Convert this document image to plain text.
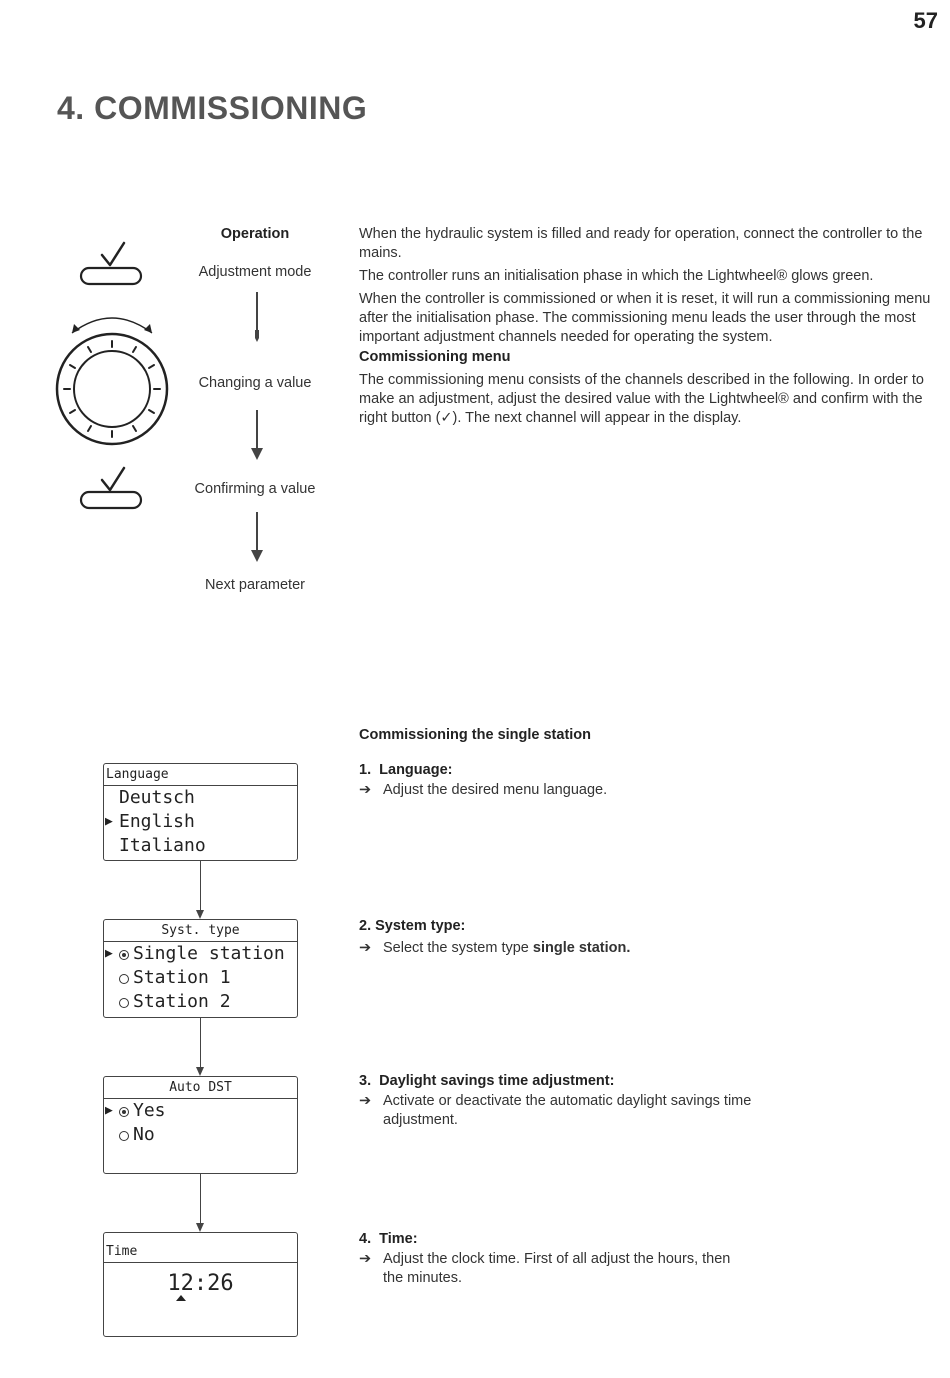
57
4. COMMISSIONING
Operation
Adjustment mode
Changing a value
Confirming a value
Next parameter

When the hydraulic system is filled and ready for operation, connect the controller to the mains.

The controller runs an initialisation phase in which the Lightwheel® glows green.

When the controller is commissioned or when it is reset, it will run a commissioning menu after the initialisation phase. The commissioning menu leads the user through the most important adjustment channels needed for operating the system.

Commissioning menu
The commissioning menu consists of the channels described in the following. In order to make an adjustment, adjust the desired value with the Lightwheel® and confirm with the right button (✓). The next channel will appear in the display.
Commissioning the single station
1. Language:
➔ Adjust the desired menu language.
2. System type:
➔ Select the system type single station.
3. Daylight savings time adjustment:
➔ Activate or deactivate the automatic daylight savings time adjustment.
4. Time:
➔ Adjust the clock time. First of all adjust the hours, then the minutes.
Language
Deutsch
▶ English
Italiano
Syst. type
▶ Single station
Station 1
Station 2
Auto DST
▶ Yes
No
Time
12:26
